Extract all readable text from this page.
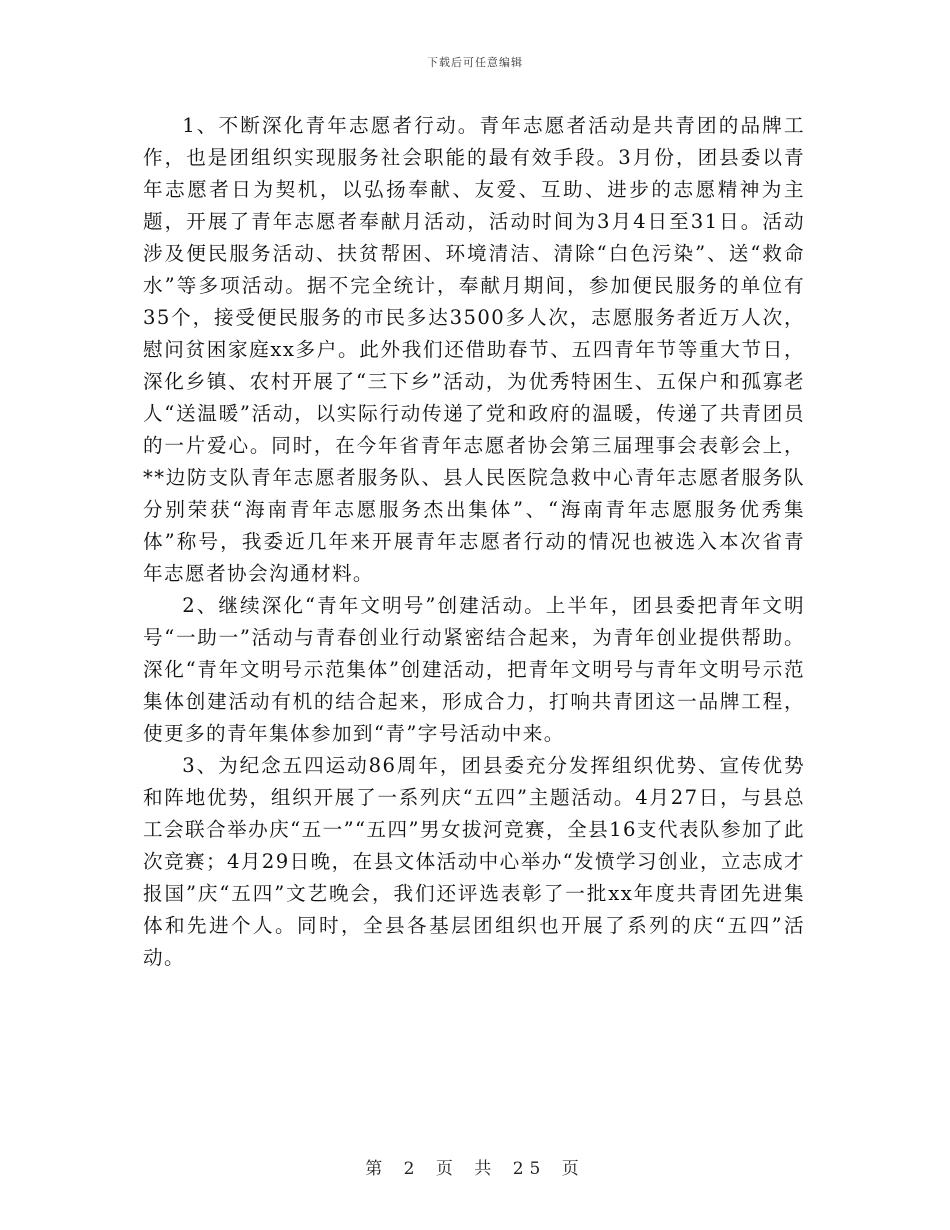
下载后可任意编辑

1、不断深化青年志愿者行动。青年志愿者活动是共青团的品牌工作，也是团组织实现服务社会职能的最有效手段。3月份，团县委以青年志愿者日为契机，以弘扬奉献、友爱、互助、进步的志愿精神为主题，开展了青年志愿者奉献月活动，活动时间为3月4日至31日。活动涉及便民服务活动、扶贫帮困、环境清洁、清除“白色污染”、送“救命水”等多项活动。据不完全统计，奉献月期间，参加便民服务的单位有35个，接受便民服务的市民多达3500多人次，志愿服务者近万人次，慰问贫困家庭xx多户。此外我们还借助春节、五四青年节等重大节日，深化乡镇、农村开展了“三下乡”活动，为优秀特困生、五保户和孤寡老人“送温暖”活动，以实际行动传递了党和政府的温暖，传递了共青团员的一片爱心。同时，在今年省青年志愿者协会第三届理事会表彰会上，**边防支队青年志愿者服务队、县人民医院急救中心青年志愿者服务队分别荣获“海南青年志愿服务杰出集体”、“海南青年志愿服务优秀集体”称号，我委近几年来开展青年志愿者行动的情况也被选入本次省青年志愿者协会沟通材料。

2、继续深化“青年文明号”创建活动。上半年，团县委把青年文明号“一助一”活动与青春创业行动紧密结合起来，为青年创业提供帮助。深化“青年文明号示范集体”创建活动，把青年文明号与青年文明号示范集体创建活动有机的结合起来，形成合力，打响共青团这一品牌工程，使更多的青年集体参加到“青”字号活动中来。

3、为纪念五四运动86周年，团县委充分发挥组织优势、宣传优势和阵地优势，组织开展了一系列庆“五四”主题活动。4月27日，与县总工会联合举办庆“五一”“五四”男女拔河竞赛，全县16支代表队参加了此次竞赛；4月29日晚，在县文体活动中心举办“发愤学习创业，立志成才报国”庆“五四”文艺晚会，我们还评选表彰了一批xx年度共青团先进集体和先进个人。同时，全县各基层团组织也开展了系列的庆“五四”活动。

第 2 页 共 25 页
